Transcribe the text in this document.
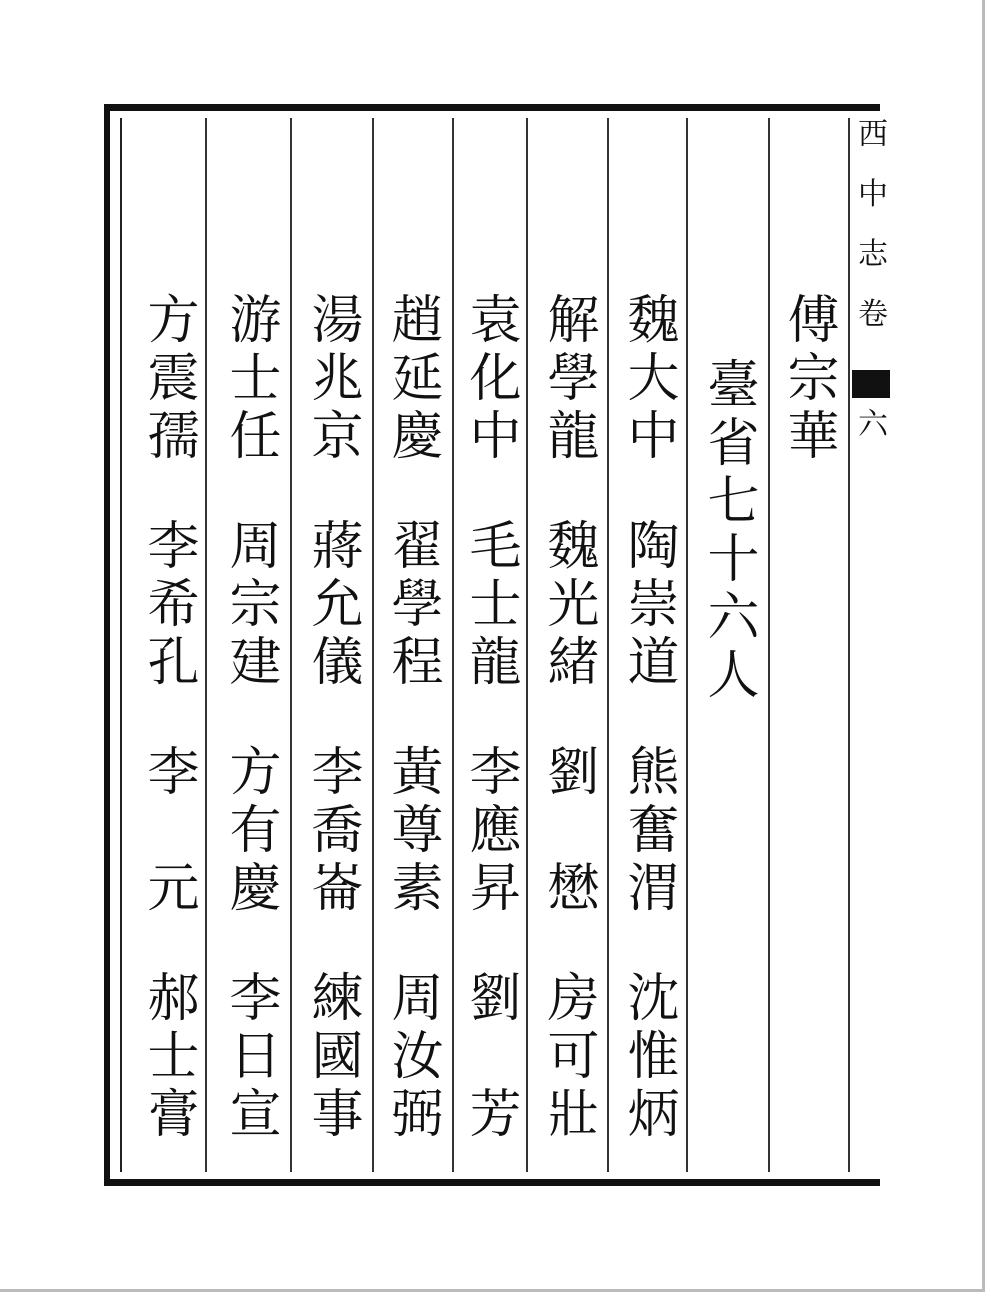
西
中
志
卷
六

傅宗華

臺省七十六人

魏大中陶崇道熊奮渭沈惟炳

解學龍魏光緒劉　懋房可壯

袁化中毛士龍李應昇劉　芳

趙延慶翟學程黃尊素周汝弼

湯兆京蔣允儀李喬崙練國事

游士任周宗建方有慶李日宣

方震孺李希孔李　元郝士膏
